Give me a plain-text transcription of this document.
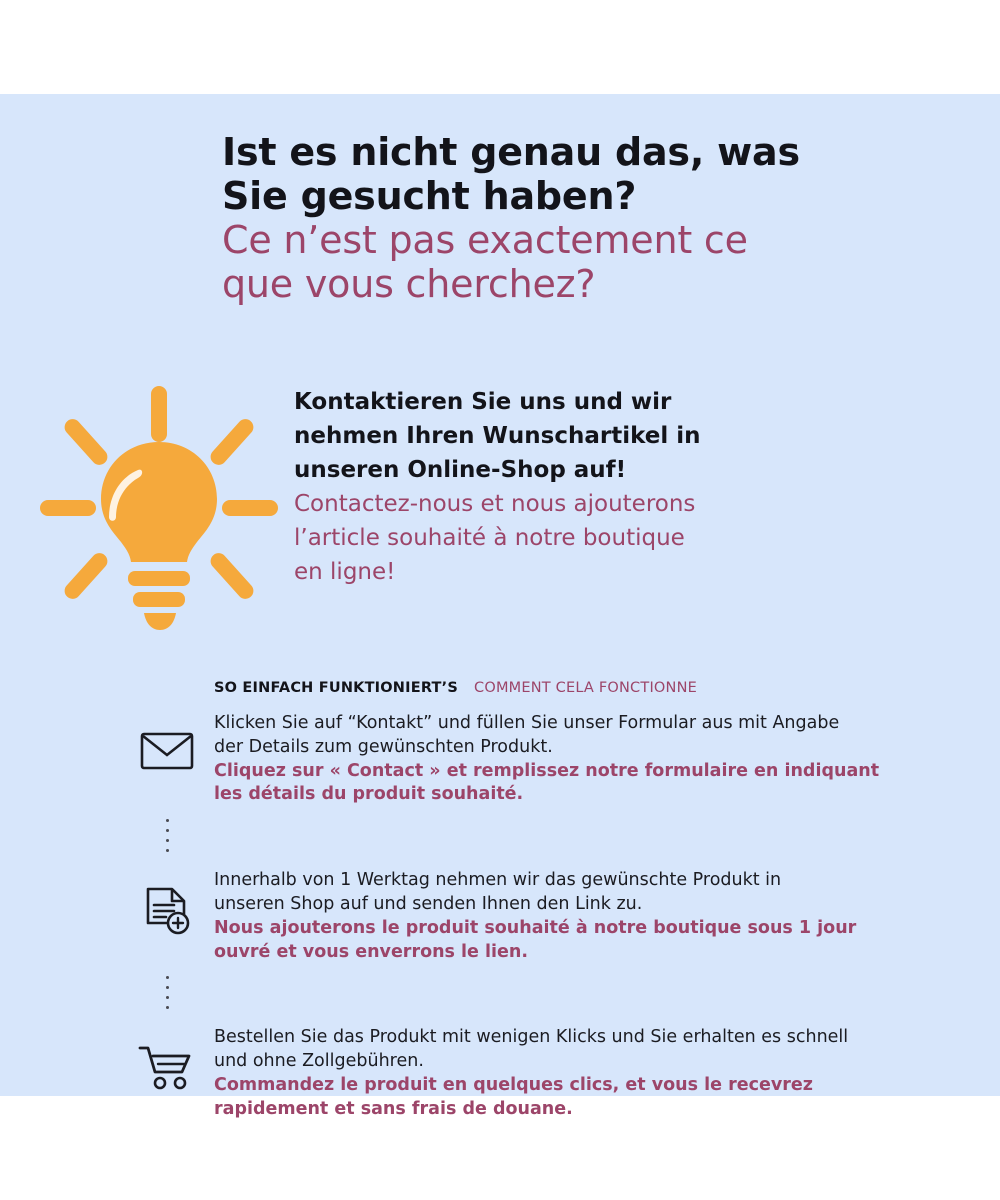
Ist es nicht genau das, was

Sie gesucht haben?

Ce n’est pas exactement ce

que vous cherchez?

Kontaktieren Sie uns und wir

nehmen Ihren Wunschartikel in

unseren Online-Shop auf!

Contactez-nous et nous ajouterons

l’article souhaité à notre boutique

en ligne!

SO EINFACH FUNKTIONIERT’S COMMENT CELA FONCTIONNE

Klicken Sie auf “Kontakt” und füllen Sie unser Formular aus mit Angabe

der Details zum gewünschten Produkt.

Cliquez sur « Contact » et remplissez notre formulaire en indiquant

les détails du produit souhaité.

Innerhalb von 1 Werktag nehmen wir das gewünschte Produkt in

unseren Shop auf und senden Ihnen den Link zu.

Nous ajouterons le produit souhaité à notre boutique sous 1 jour

ouvré et vous enverrons le lien.

Bestellen Sie das Produkt mit wenigen Klicks und Sie erhalten es schnell

und ohne Zollgebühren.

Commandez le produit en quelques clics, et vous le recevrez

rapidement et sans frais de douane.
